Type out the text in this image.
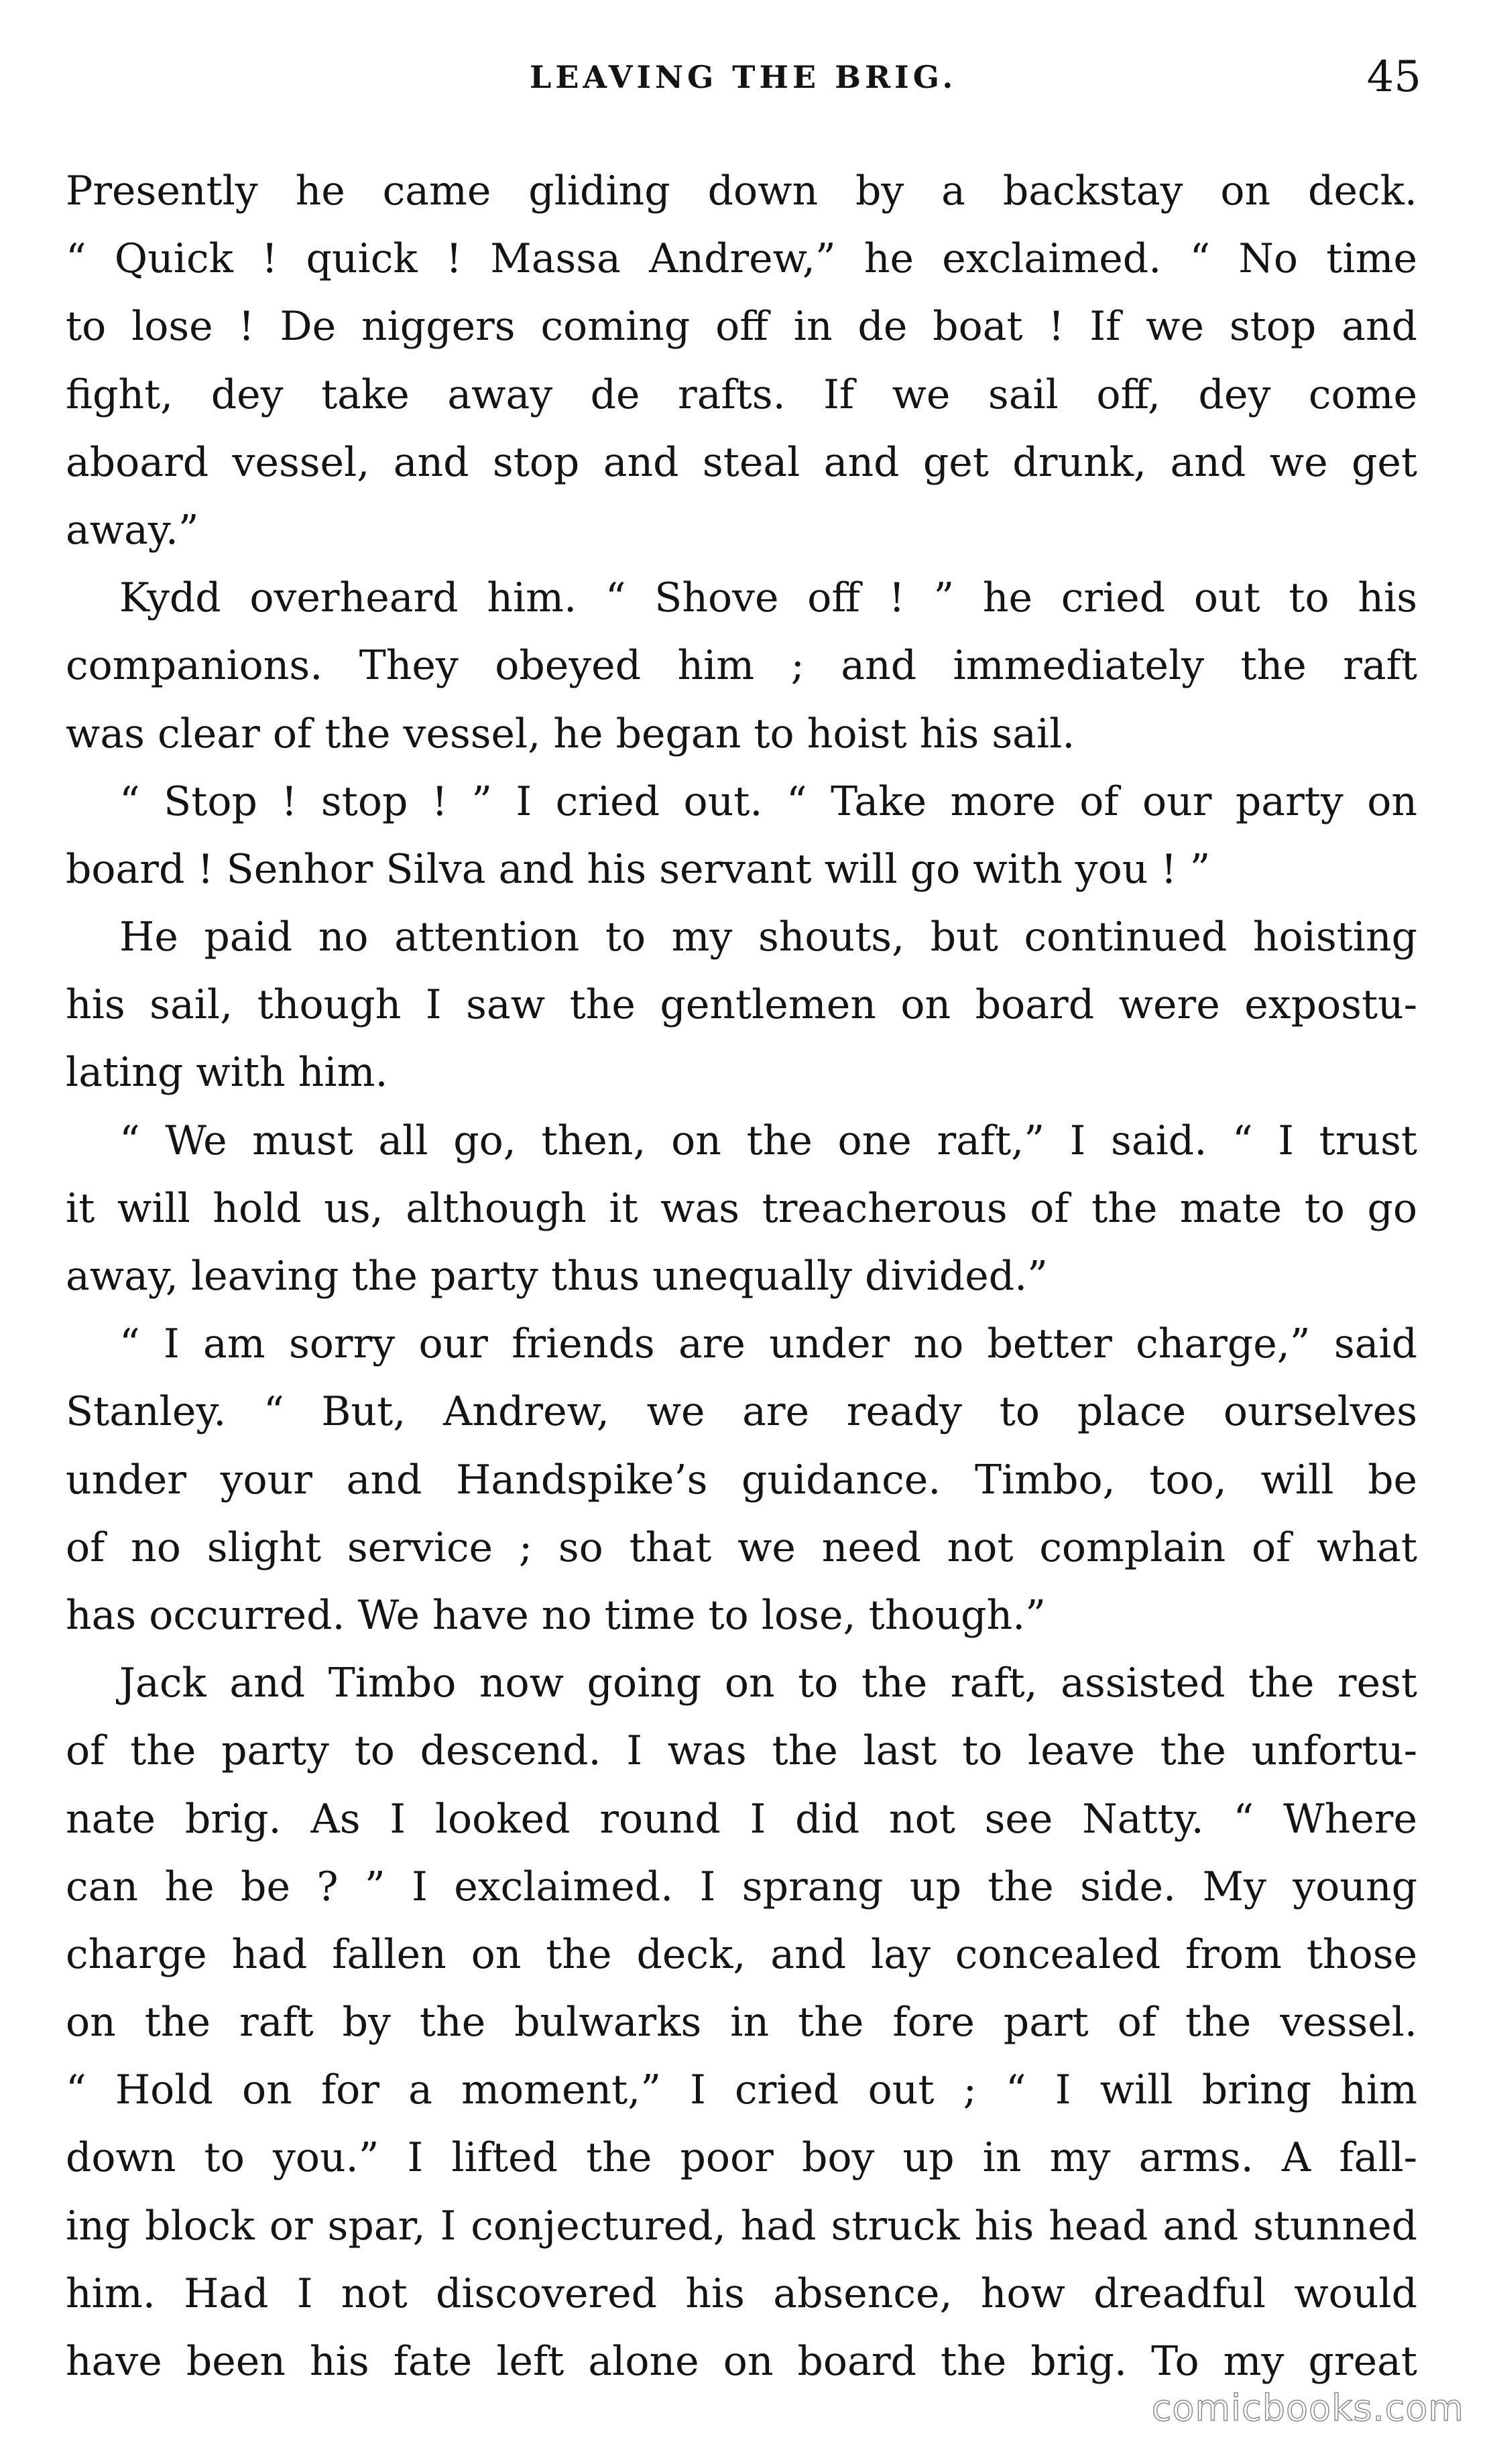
LEAVING THE BRIG.	45
Presently he came gliding down by a backstay on deck.
“ Quick ! quick ! Massa Andrew,” he exclaimed. “ No time
to lose ! De niggers coming off in de boat ! If we stop and
fight, dey take away de rafts. If we sail off, dey come
aboard vessel, and stop and steal and get drunk, and we get
away.”
Kydd overheard him. “ Shove off ! ” he cried out to his
companions. They obeyed him ; and immediately the raft
was clear of the vessel, he began to hoist his sail.
“ Stop ! stop ! ” I cried out. “ Take more of our party on
board ! Senhor Silva and his servant will go with you ! ”
He paid no attention to my shouts, but continued hoisting
his sail, though I saw the gentlemen on board were expostu-
lating with him.
“ We must all go, then, on the one raft,” I said. “ I trust
it will hold us, although it was treacherous of the mate to go
away, leaving the party thus unequally divided.”
“ I am sorry our friends are under no better charge,” said
Stanley. “ But, Andrew, we are ready to place ourselves
under your and Handspike’s guidance. Timbo, too, will be
of no slight service ; so that we need not complain of what
has occurred. We have no time to lose, though.”
Jack and Timbo now going on to the raft, assisted the rest
of the party to descend. I was the last to leave the unfortu-
nate brig. As I looked round I did not see Natty. “ Where
can he be ? ” I exclaimed. I sprang up the side. My young
charge had fallen on the deck, and lay concealed from those
on the raft by the bulwarks in the fore part of the vessel.
“ Hold on for a moment,” I cried out ; “ I will bring him
down to you.” I lifted the poor boy up in my arms. A fall-
ing block or spar, I conjectured, had struck his head and stunned
him. Had I not discovered his absence, how dreadful would
have been his fate left alone on board the brig. To my great
comicbooks.com
